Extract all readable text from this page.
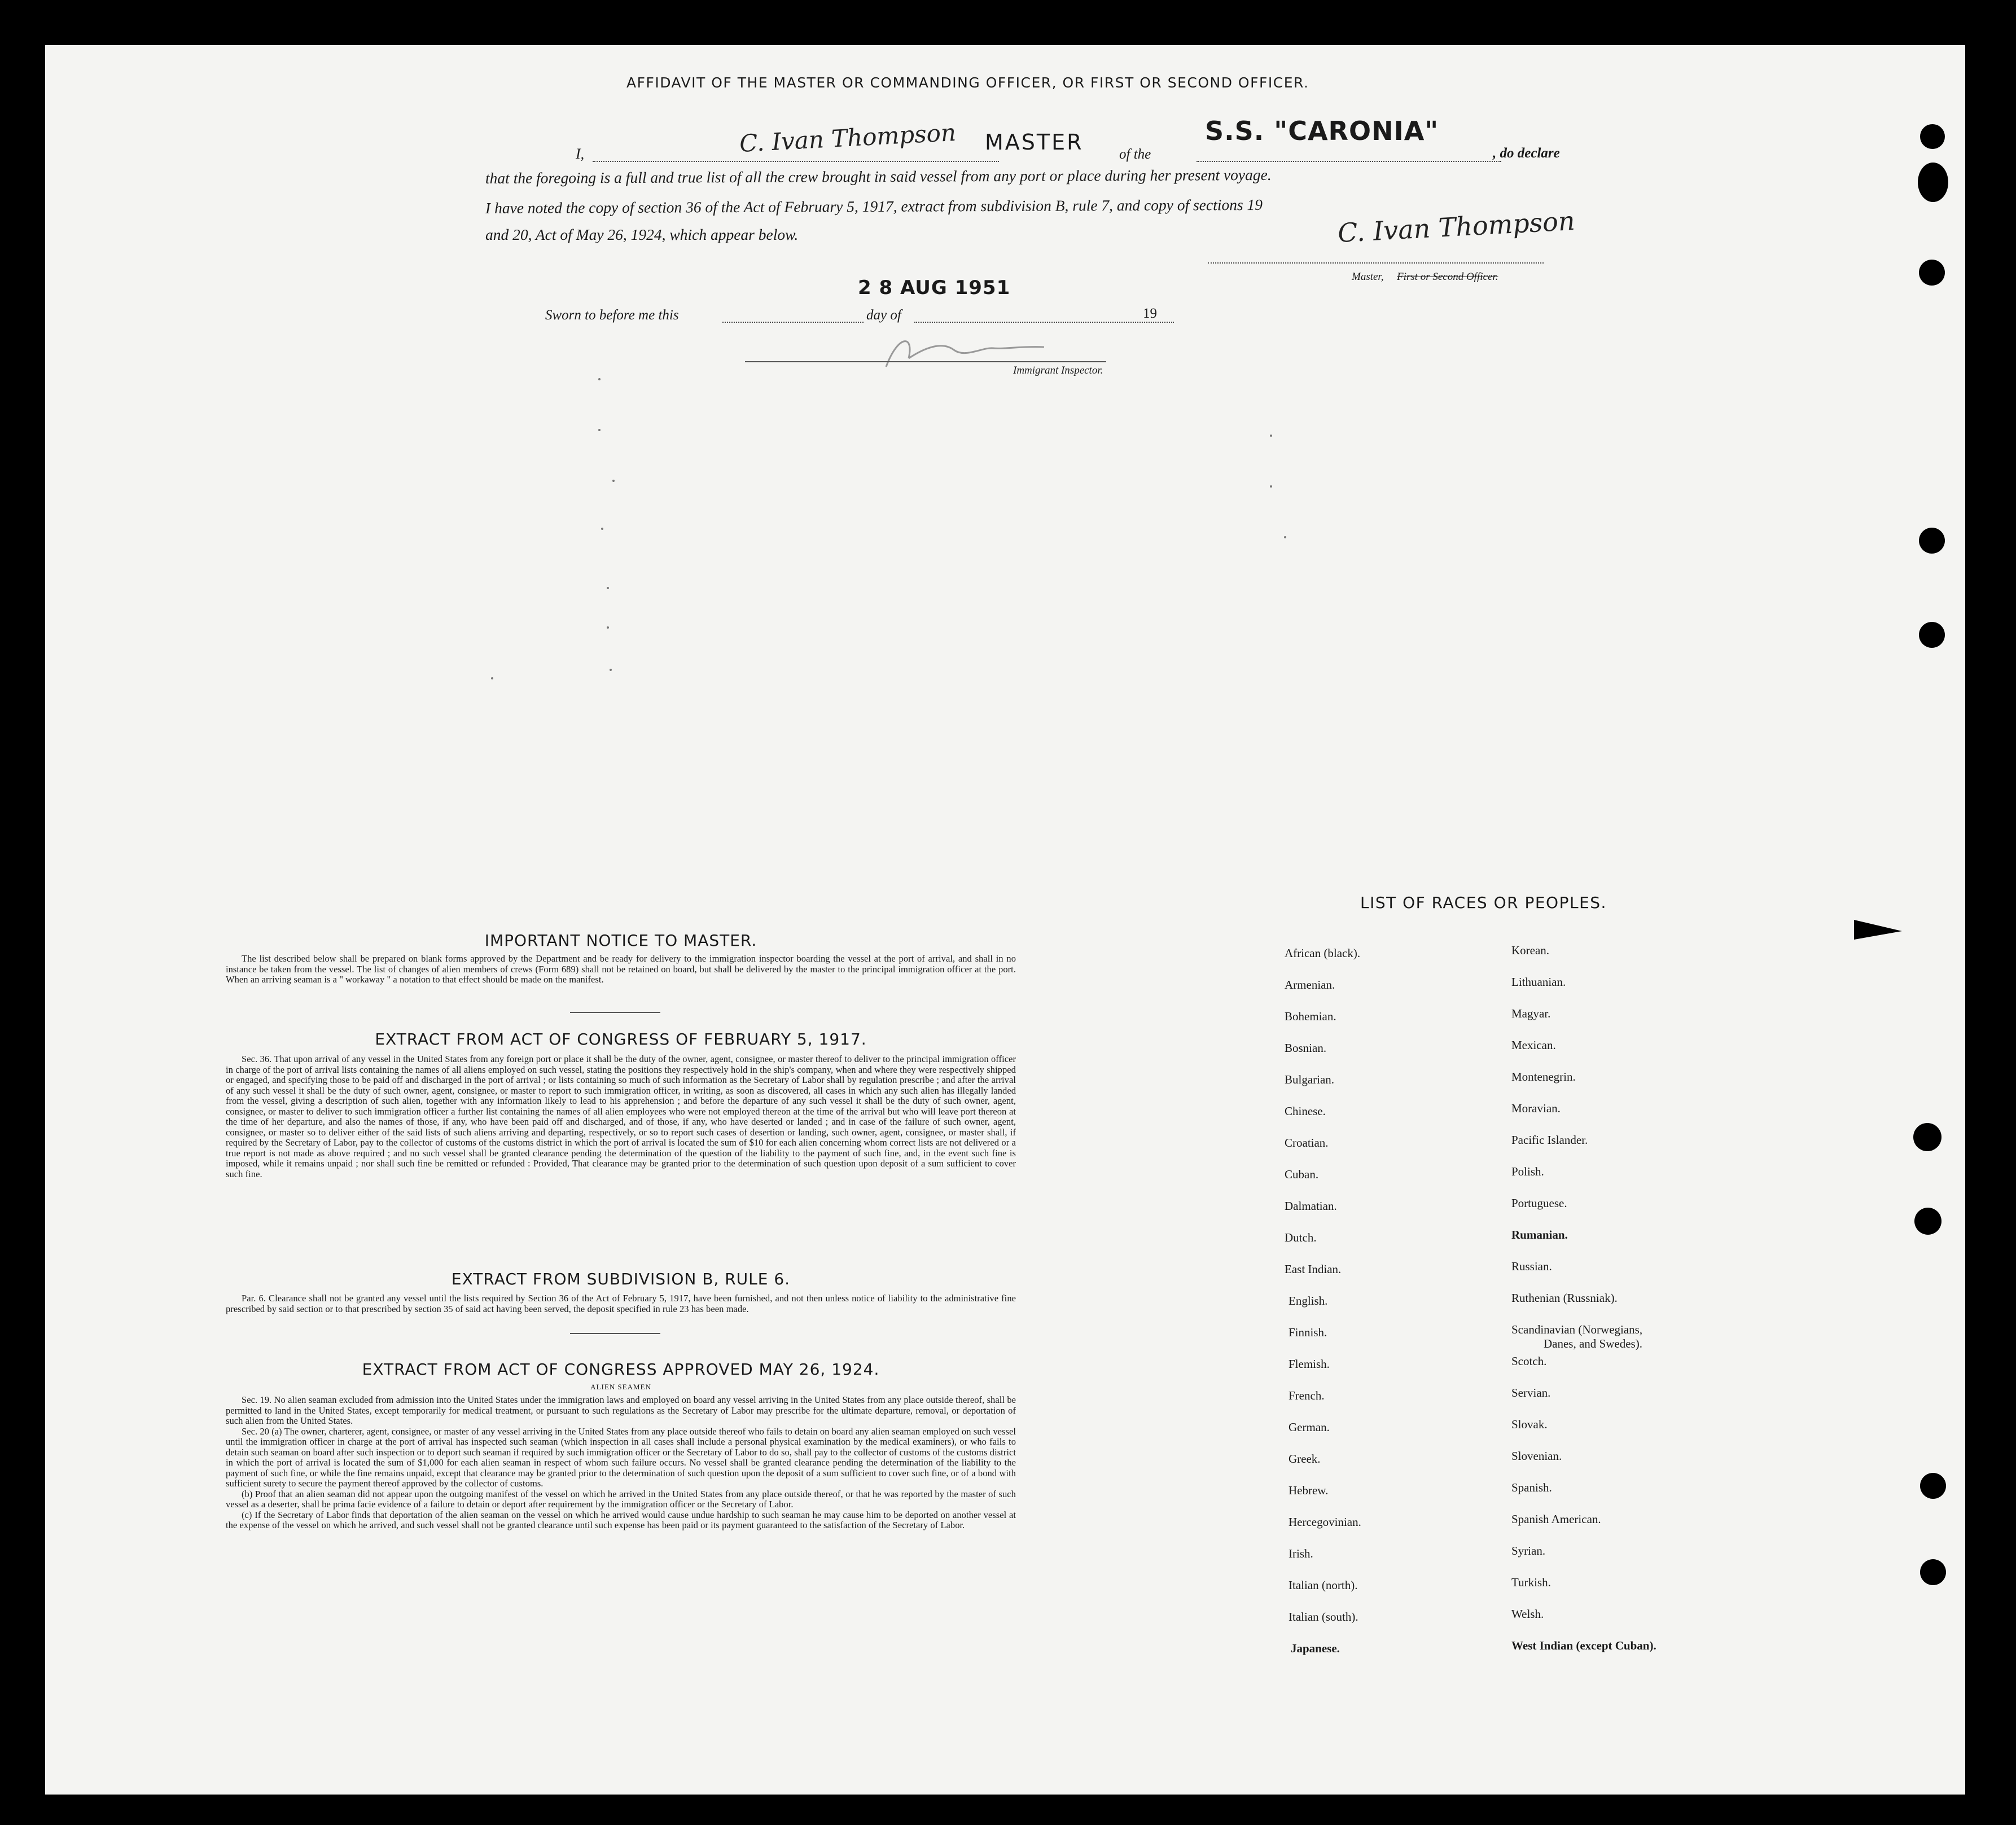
AFFIDAVIT OF THE MASTER OR COMMANDING OFFICER, OR FIRST OR SECOND OFFICER.
I,	C. Ivan Thompson MASTER	of the
S.S. "CARONIA"
, do declare
that the foregoing is a full and true list of all the crew brought in said vessel from any port or place during her present voyage.
I have noted the copy of section 36 of the Act of February 5, 1917, extract from subdivision B, rule 7, and copy of sections 19
and 20, Act of May 26, 1924, which appear below.	C. Ivan Thompson
Master, First or Second Officer.
2 8 AUG 1951
Sworn to before me this	day of	19
Immigrant Inspector.
IMPORTANT NOTICE TO MASTER.

The list described below shall be prepared on blank forms approved by the Department and be ready for delivery to the immigration inspector boarding the vessel at the port of arrival, and shall in no instance be taken from the vessel. The list of changes of alien members of crews (Form 689) shall not be retained on board, but shall be delivered by the master to the principal immigration officer at the port. When an arriving seaman is a " workaway " a notation to that effect should be made on the manifest.

EXTRACT FROM ACT OF CONGRESS OF FEBRUARY 5, 1917.

Sec. 36. That upon arrival of any vessel in the United States from any foreign port or place it shall be the duty of the owner, agent, consignee, or master thereof to deliver to the principal immigration officer in charge of the port of arrival lists containing the names of all aliens employed on such vessel, stating the positions they respectively hold in the ship's company, when and where they were respectively shipped or engaged, and specifying those to be paid off and discharged in the port of arrival ; or lists containing so much of such information as the Secretary of Labor shall by regulation prescribe ; and after the arrival of any such vessel it shall be the duty of such owner, agent, consignee, or master to report to such immigration officer, in writing, as soon as discovered, all cases in which any such alien has illegally landed from the vessel, giving a description of such alien, together with any information likely to lead to his apprehension ; and before the departure of any such vessel it shall be the duty of such owner, agent, consignee, or master to deliver to such immigration officer a further list containing the names of all alien employees who were not employed thereon at the time of the arrival but who will leave port thereon at the time of her departure, and also the names of those, if any, who have been paid off and discharged, and of those, if any, who have deserted or landed ; and in case of the failure of such owner, agent, consignee, or master so to deliver either of the said lists of such aliens arriving and departing, respectively, or so to report such cases of desertion or landing, such owner, agent, consignee, or master shall, if required by the Secretary of Labor, pay to the collector of customs of the customs district in which the port of arrival is located the sum of $10 for each alien concerning whom correct lists are not delivered or a true report is not made as above required ; and no such vessel shall be granted clearance pending the determination of the question of the liability to the payment of such fine, and, in the event such fine is imposed, while it remains unpaid ; nor shall such fine be remitted or refunded : Provided, That clearance may be granted prior to the determination of such question upon deposit of a sum sufficient to cover such fine.

EXTRACT FROM SUBDIVISION B, RULE 6.

Par. 6. Clearance shall not be granted any vessel until the lists required by Section 36 of the Act of February 5, 1917, have been furnished, and not then unless notice of liability to the administrative fine prescribed by said section or to that prescribed by section 35 of said act having been served, the deposit specified in rule 23 has been made.

EXTRACT FROM ACT OF CONGRESS APPROVED MAY 26, 1924.
ALIEN SEAMEN

Sec. 19. No alien seaman excluded from admission into the United States under the immigration laws and employed on board any vessel arriving in the United States from any place outside thereof, shall be permitted to land in the United States, except temporarily for medical treatment, or pursuant to such regulations as the Secretary of Labor may prescribe for the ultimate departure, removal, or deportation of such alien from the United States.

Sec. 20 (a) The owner, charterer, agent, consignee, or master of any vessel arriving in the United States from any place outside thereof who fails to detain on board any alien seaman employed on such vessel until the immigration officer in charge at the port of arrival has inspected such seaman (which inspection in all cases shall include a personal physical examination by the medical examiners), or who fails to detain such seaman on board after such inspection or to deport such seaman if required by such immigration officer or the Secretary of Labor to do so, shall pay to the collector of customs of the customs district in which the port of arrival is located the sum of $1,000 for each alien seaman in respect of whom such failure occurs. No vessel shall be granted clearance pending the determination of the liability to the payment of such fine, or while the fine remains unpaid, except that clearance may be granted prior to the determination of such question upon the deposit of a sum sufficient to cover such fine, or of a bond with sufficient surety to secure the payment thereof approved by the collector of customs.

(b) Proof that an alien seaman did not appear upon the outgoing manifest of the vessel on which he arrived in the United States from any place outside thereof, or that he was reported by the master of such vessel as a deserter, shall be prima facie evidence of a failure to detain or deport after requirement by the immigration officer or the Secretary of Labor.

(c) If the Secretary of Labor finds that deportation of the alien seaman on the vessel on which he arrived would cause undue hardship to such seaman he may cause him to be deported on another vessel at the expense of the vessel on which he arrived, and such vessel shall not be granted clearance until such expense has been paid or its payment guaranteed to the satisfaction of the Secretary of Labor.

LIST OF RACES OR PEOPLES.
African (black).
Armenian.
Bohemian.
Bosnian.
Bulgarian.
Chinese.
Croatian.
Cuban.
Dalmatian.
Dutch.
East Indian.
English.
Finnish.
Flemish.
French.
German.
Greek.
Hebrew.
Hercegovinian.
Irish.
Italian (north).
Italian (south).
Japanese.
Korean.
Lithuanian.
Magyar.
Mexican.
Montenegrin.
Moravian.
Pacific Islander.
Polish.
Portuguese.
Rumanian.
Russian.
Ruthenian (Russniak).
Scandinavian (Norwegians,
Danes, and Swedes).
Scotch.
Servian.
Slovak.
Slovenian.
Spanish.
Spanish American.
Syrian.
Turkish.
Welsh.
West Indian (except Cuban).
